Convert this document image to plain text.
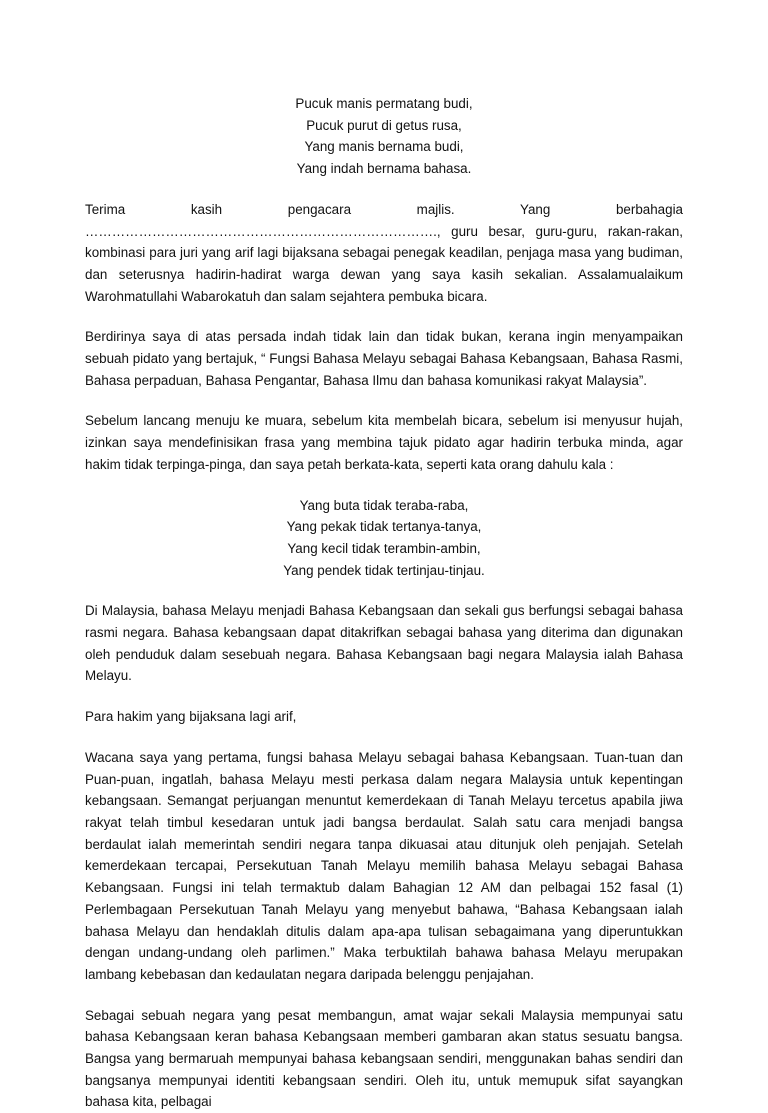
Pucuk manis permatang budi,
Pucuk purut di getus rusa,
Yang manis bernama budi,
Yang indah bernama bahasa.

Terima kasih pengacara majlis. Yang berbahagia ……………………………………………………………………., guru besar, guru-guru, rakan-rakan, kombinasi para juri yang arif lagi bijaksana sebagai penegak keadilan, penjaga masa yang budiman, dan seterusnya hadirin-hadirat warga dewan yang saya kasih sekalian. Assalamualaikum Warohmatullahi Wabarokatuh dan salam sejahtera pembuka bicara.

Berdirinya saya di atas persada indah tidak lain dan tidak bukan, kerana ingin menyampaikan sebuah pidato yang bertajuk, “ Fungsi Bahasa Melayu sebagai Bahasa Kebangsaan, Bahasa Rasmi, Bahasa perpaduan, Bahasa Pengantar, Bahasa Ilmu dan bahasa komunikasi rakyat Malaysia”.

Sebelum lancang menuju ke muara, sebelum kita membelah bicara, sebelum isi menyusur hujah, izinkan saya mendefinisikan frasa yang membina tajuk pidato agar hadirin terbuka minda, agar hakim tidak terpinga-pinga, dan saya petah berkata-kata, seperti kata orang dahulu kala :

Yang buta tidak teraba-raba,
Yang pekak tidak tertanya-tanya,
Yang kecil tidak terambin-ambin,
Yang pendek tidak tertinjau-tinjau.

Di Malaysia, bahasa Melayu menjadi Bahasa Kebangsaan dan sekali gus berfungsi sebagai bahasa rasmi negara. Bahasa kebangsaan dapat ditakrifkan sebagai bahasa yang diterima dan digunakan oleh penduduk dalam sesebuah negara. Bahasa Kebangsaan bagi negara Malaysia ialah Bahasa Melayu.

Para hakim yang bijaksana lagi arif,

Wacana saya yang pertama, fungsi bahasa Melayu sebagai bahasa Kebangsaan. Tuan-tuan dan Puan-puan, ingatlah, bahasa Melayu mesti perkasa dalam negara Malaysia untuk kepentingan kebangsaan. Semangat perjuangan menuntut kemerdekaan di Tanah Melayu tercetus apabila jiwa rakyat telah timbul kesedaran untuk jadi bangsa berdaulat. Salah satu cara menjadi bangsa berdaulat ialah memerintah sendiri negara tanpa dikuasai atau ditunjuk oleh penjajah. Setelah kemerdekaan tercapai, Persekutuan Tanah Melayu memilih bahasa Melayu sebagai Bahasa Kebangsaan. Fungsi ini telah termaktub dalam Bahagian 12 AM dan pelbagai 152 fasal (1) Perlembagaan Persekutuan Tanah Melayu yang menyebut bahawa, “Bahasa Kebangsaan ialah bahasa Melayu dan hendaklah ditulis dalam apa-apa tulisan sebagaimana yang diperuntukkan dengan undang-undang oleh parlimen.” Maka terbuktilah bahawa bahasa Melayu merupakan lambang kebebasan dan kedaulatan negara daripada belenggu penjajahan.

Sebagai sebuah negara yang pesat membangun, amat wajar sekali Malaysia mempunyai satu bahasa Kebangsaan keran bahasa Kebangsaan memberi gambaran akan status sesuatu bangsa. Bangsa yang bermaruah mempunyai bahasa kebangsaan sendiri, menggunakan bahas sendiri dan bangsanya mempunyai identiti kebangsaan sendiri. Oleh itu, untuk memupuk sifat sayangkan bahasa kita, pelbagai
